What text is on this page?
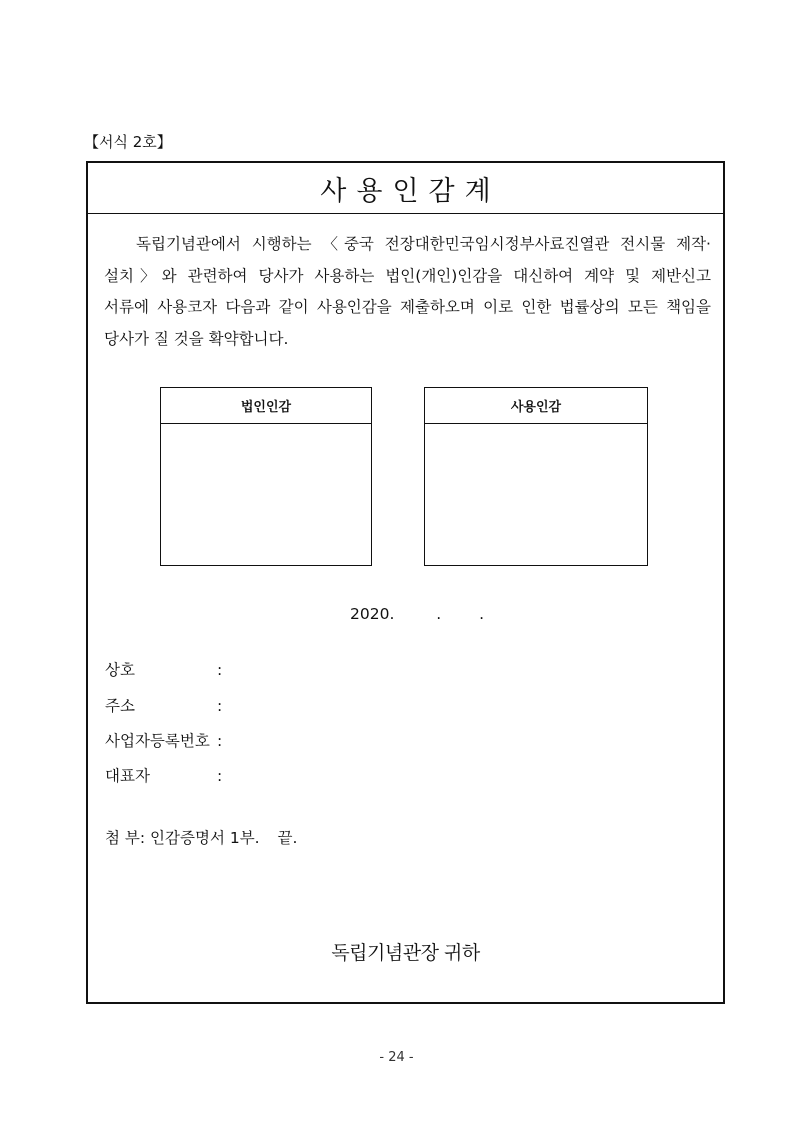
【서식 2호】
사용인감계
독립기념관에서 시행하는 〈중국 전장대한민국임시정부사료진열관 전시물 제작·
설치〉와 관련하여 당사가 사용하는 법인(개인)인감을 대신하여 계약 및 제반신고
서류에 사용코자 다음과 같이 사용인감을 제출하오며 이로 인한 법률상의 모든 책임을
당사가 질 것을 확약합니다.
법인인감	사용인감
2020.	. .
상호	:
주소	:
사업자등록번호 :
대표자	:
첨 부: 인감증명서 1부. 끝.
독립기념관장 귀하
- 24 -
